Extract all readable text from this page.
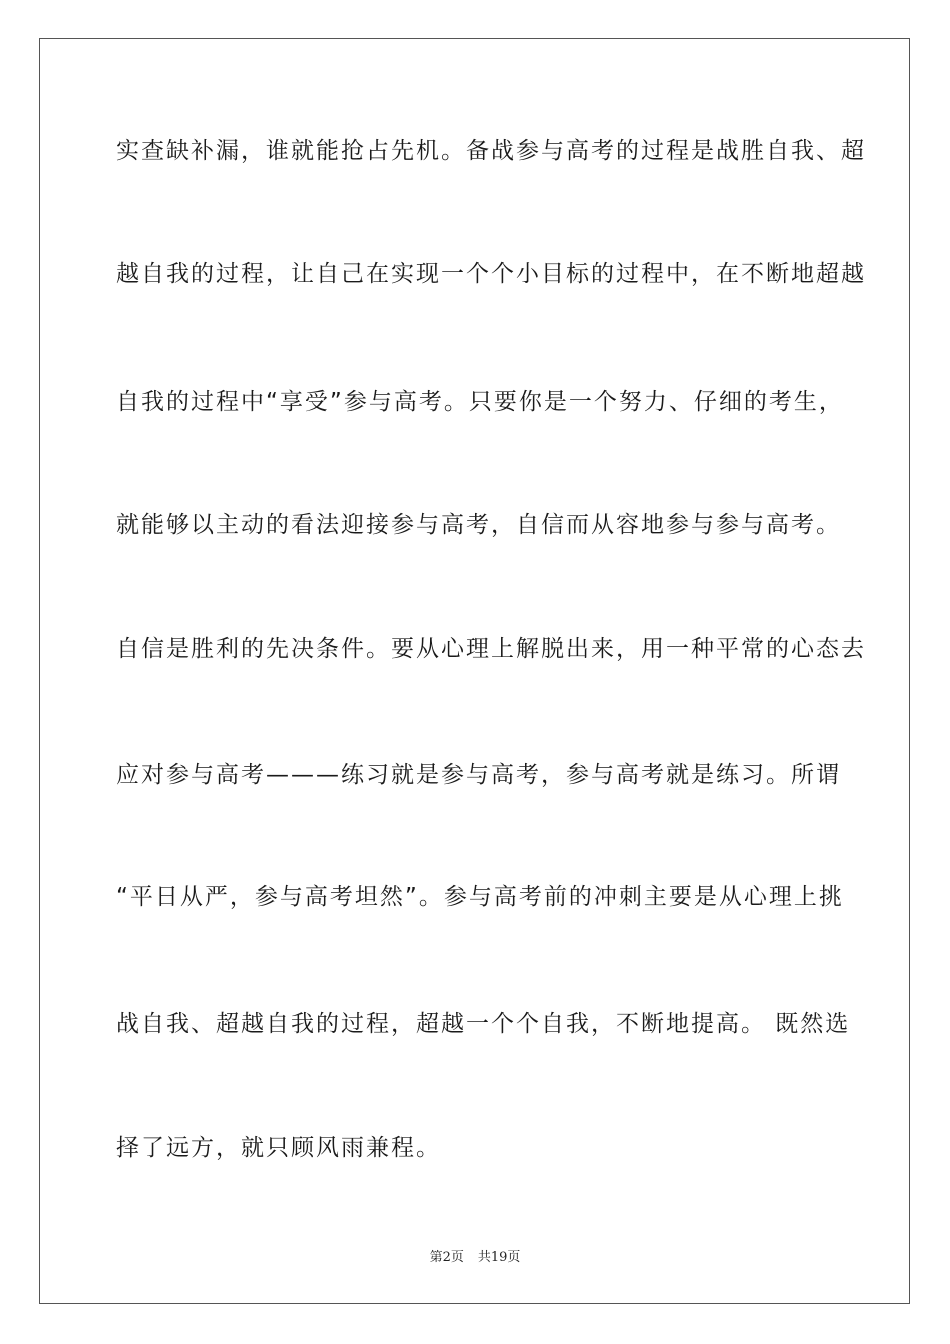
实查缺补漏，谁就能抢占先机。备战参与高考的过程是战胜自我、超
越自我的过程，让自己在实现一个个小目标的过程中，在不断地超越
自我的过程中“享受”参与高考。只要你是一个努力、仔细的考生，
就能够以主动的看法迎接参与高考，自信而从容地参与参与高考。
自信是胜利的先决条件。要从心理上解脱出来，用一种平常的心态去
应对参与高考———练习就是参与高考，参与高考就是练习。所谓
“平日从严，参与高考坦然”。参与高考前的冲刺主要是从心理上挑
战自我、超越自我的过程，超越一个个自我，不断地提高。 既然选
择了远方，就只顾风雨兼程。
第2页 共19页
